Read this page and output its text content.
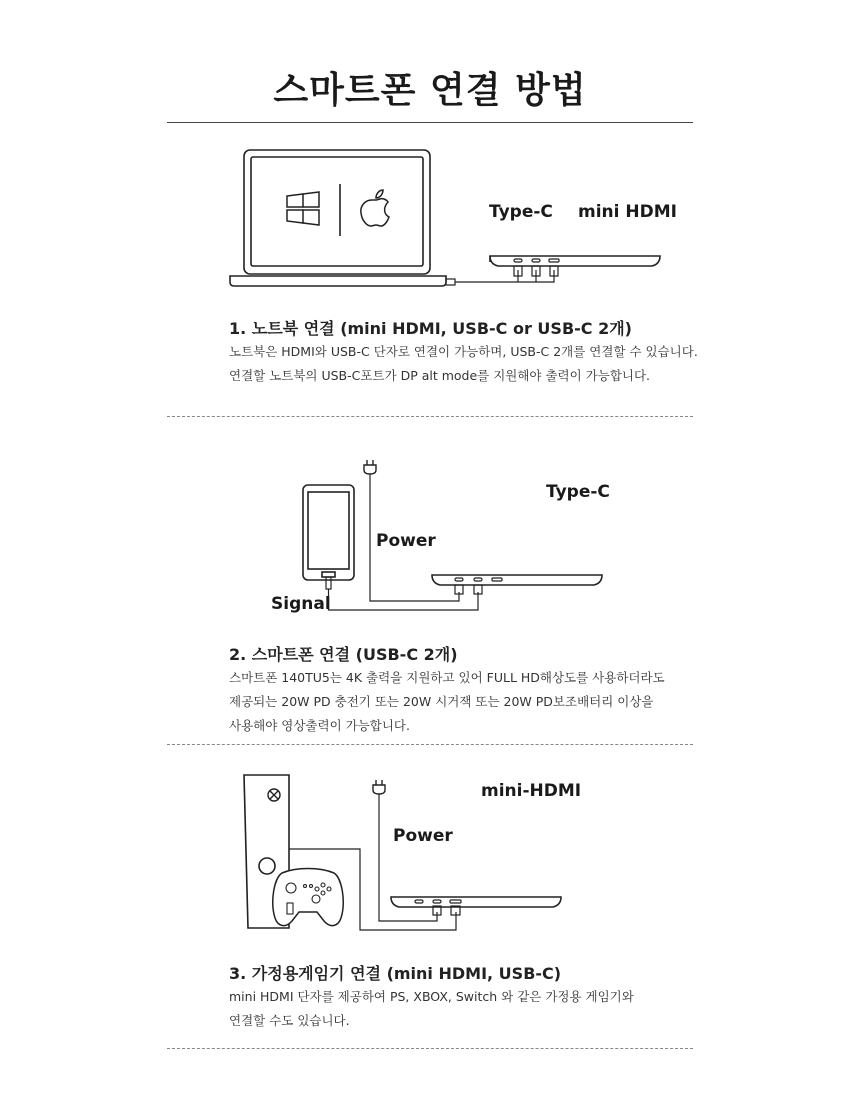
스마트폰 연결 방법
Type-C mini HDMI
1. 노트북 연결 (mini HDMI, USB-C or USB-C 2개)
노트북은 HDMI와 USB-C 단자로 연결이 가능하며, USB-C 2개를 연결할 수 있습니다.
연결할 노트북의 USB-C포트가 DP alt mode를 지원해야 출력이 가능합니다.
Type-C
Power
Signal
2. 스마트폰 연결 (USB-C 2개)
스마트폰 140TU5는 4K 출력을 지원하고 있어 FULL HD해상도를 사용하더라도
제공되는 20W PD 충전기 또는 20W 시거잭 또는 20W PD보조배터리 이상을
사용해야 영상출력이 가능합니다.
mini-HDMI
Power
3. 가정용게임기 연결 (mini HDMI, USB-C)
mini HDMI 단자를 제공하여 PS, XBOX, Switch 와 같은 가정용 게임기와
연결할 수도 있습니다.
